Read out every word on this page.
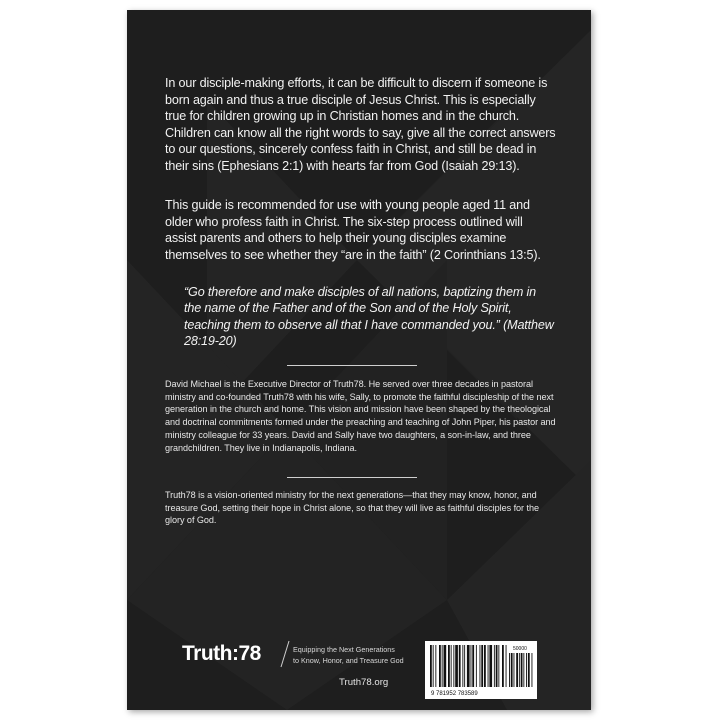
In our disciple-making efforts, it can be difficult to discern if someone is born again and thus a true disciple of Jesus Christ. This is especially true for children growing up in Christian homes and in the church. Children can know all the right words to say, give all the correct answers to our questions, sincerely confess faith in Christ, and still be dead in their sins (Ephesians 2:1) with hearts far from God (Isaiah 29:13).

This guide is recommended for use with young people aged 11 and older who profess faith in Christ. The six-step process outlined will assist parents and others to help their young disciples examine themselves to see whether they “are in the faith” (2 Corinthians 13:5).

“Go therefore and make disciples of all nations, baptizing them in the name of the Father and of the Son and of the Holy Spirit, teaching them to observe all that I have commanded you.” (Matthew 28:19-20)

David Michael is the Executive Director of Truth78. He served over three decades in pastoral ministry and co-founded Truth78 with his wife, Sally, to promote the faithful discipleship of the next generation in the church and home. This vision and mission have been shaped by the theological and doctrinal commitments formed under the preaching and teaching of John Piper, his pastor and ministry colleague for 33 years. David and Sally have two daughters, a son-in-law, and three grandchildren. They live in Indianapolis, Indiana.

Truth78 is a vision-oriented ministry for the next generations—that they may know, honor, and treasure God, setting their hope in Christ alone, so that they will live as faithful disciples for the glory of God.

Truth:78	Equipping the Next Generations
to Know, Honor, and Treasure God
Truth78.org
9 781952 783589
50000
